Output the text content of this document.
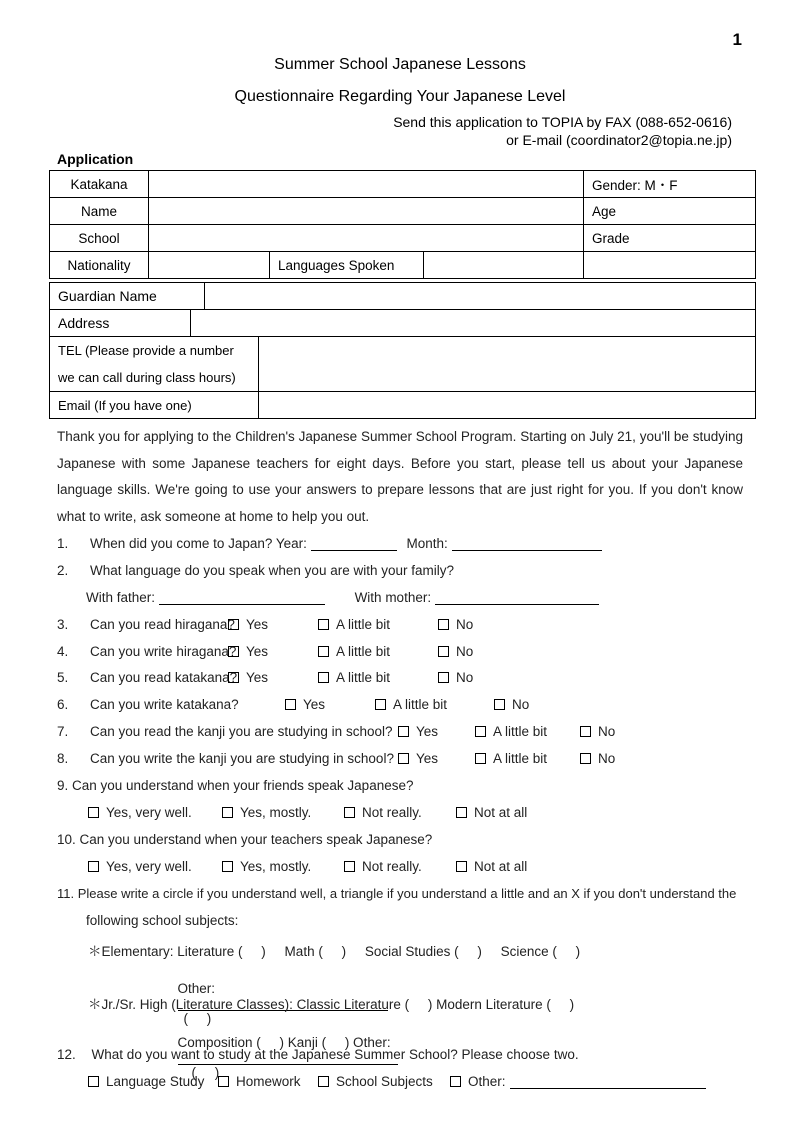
1
Summer School Japanese Lessons
Questionnaire Regarding Your Japanese Level
Send this application to TOPIA by FAX (088-652-0616)
or E-mail (coordinator2@topia.ne.jp)
Application
Katakana				Gender: M・F
Name				Age
School				Grade
Nationality		Languages Spoken		
Guardian Name	
Address	
TEL (Please provide a number
we can call during class hours)	
Email (If you have one)	
Thank you for applying to the Children's Japanese Summer School Program. Starting on July 21, you'll be studying Japanese with some Japanese teachers for eight days. Before you start, please tell us about your Japanese language skills. We're going to use your answers to prepare lessons that are just right for you. If you don't know what to write, ask someone at home to help you out.
1. When did you come to Japan? Year:	Month:
2. What language do you speak when you are with your family?
With father:	With mother:
3. Can you read hiragana? Yes	A little bit	No
4. Can you write hiragana? Yes	A little bit	No
5. Can you read katakana? Yes	A little bit	No
6. Can you write katakana?	Yes	A little bit	No
7. Can you read the kanji you are studying in school?	Yes	A little bit	No
8. Can you write the kanji you are studying in school?	Yes	A little bit	No
9. Can you understand when your friends speak Japanese?
Yes, very well.	Yes, mostly.	Not really.	Not at all
10. Can you understand when your teachers speak Japanese?
Yes, very well.	Yes, mostly.	Not really.	Not at all
11. Please write a circle if you understand well, a triangle if you understand a little and an X if you don't understand the
following school subjects:
＊Elementary: Literature (     )     Math (     )     Social Studies (     )     Science (     )

Other:

(     )

＊Jr./Sr. High (Literature Classes): Classic Literature (     ) Modern Literature (     )

Composition (     ) Kanji (     ) Other:

(     )

12. What do you want to study at the Japanese Summer School? Please choose two.
Language Study	Homework	School Subjects	Other:
